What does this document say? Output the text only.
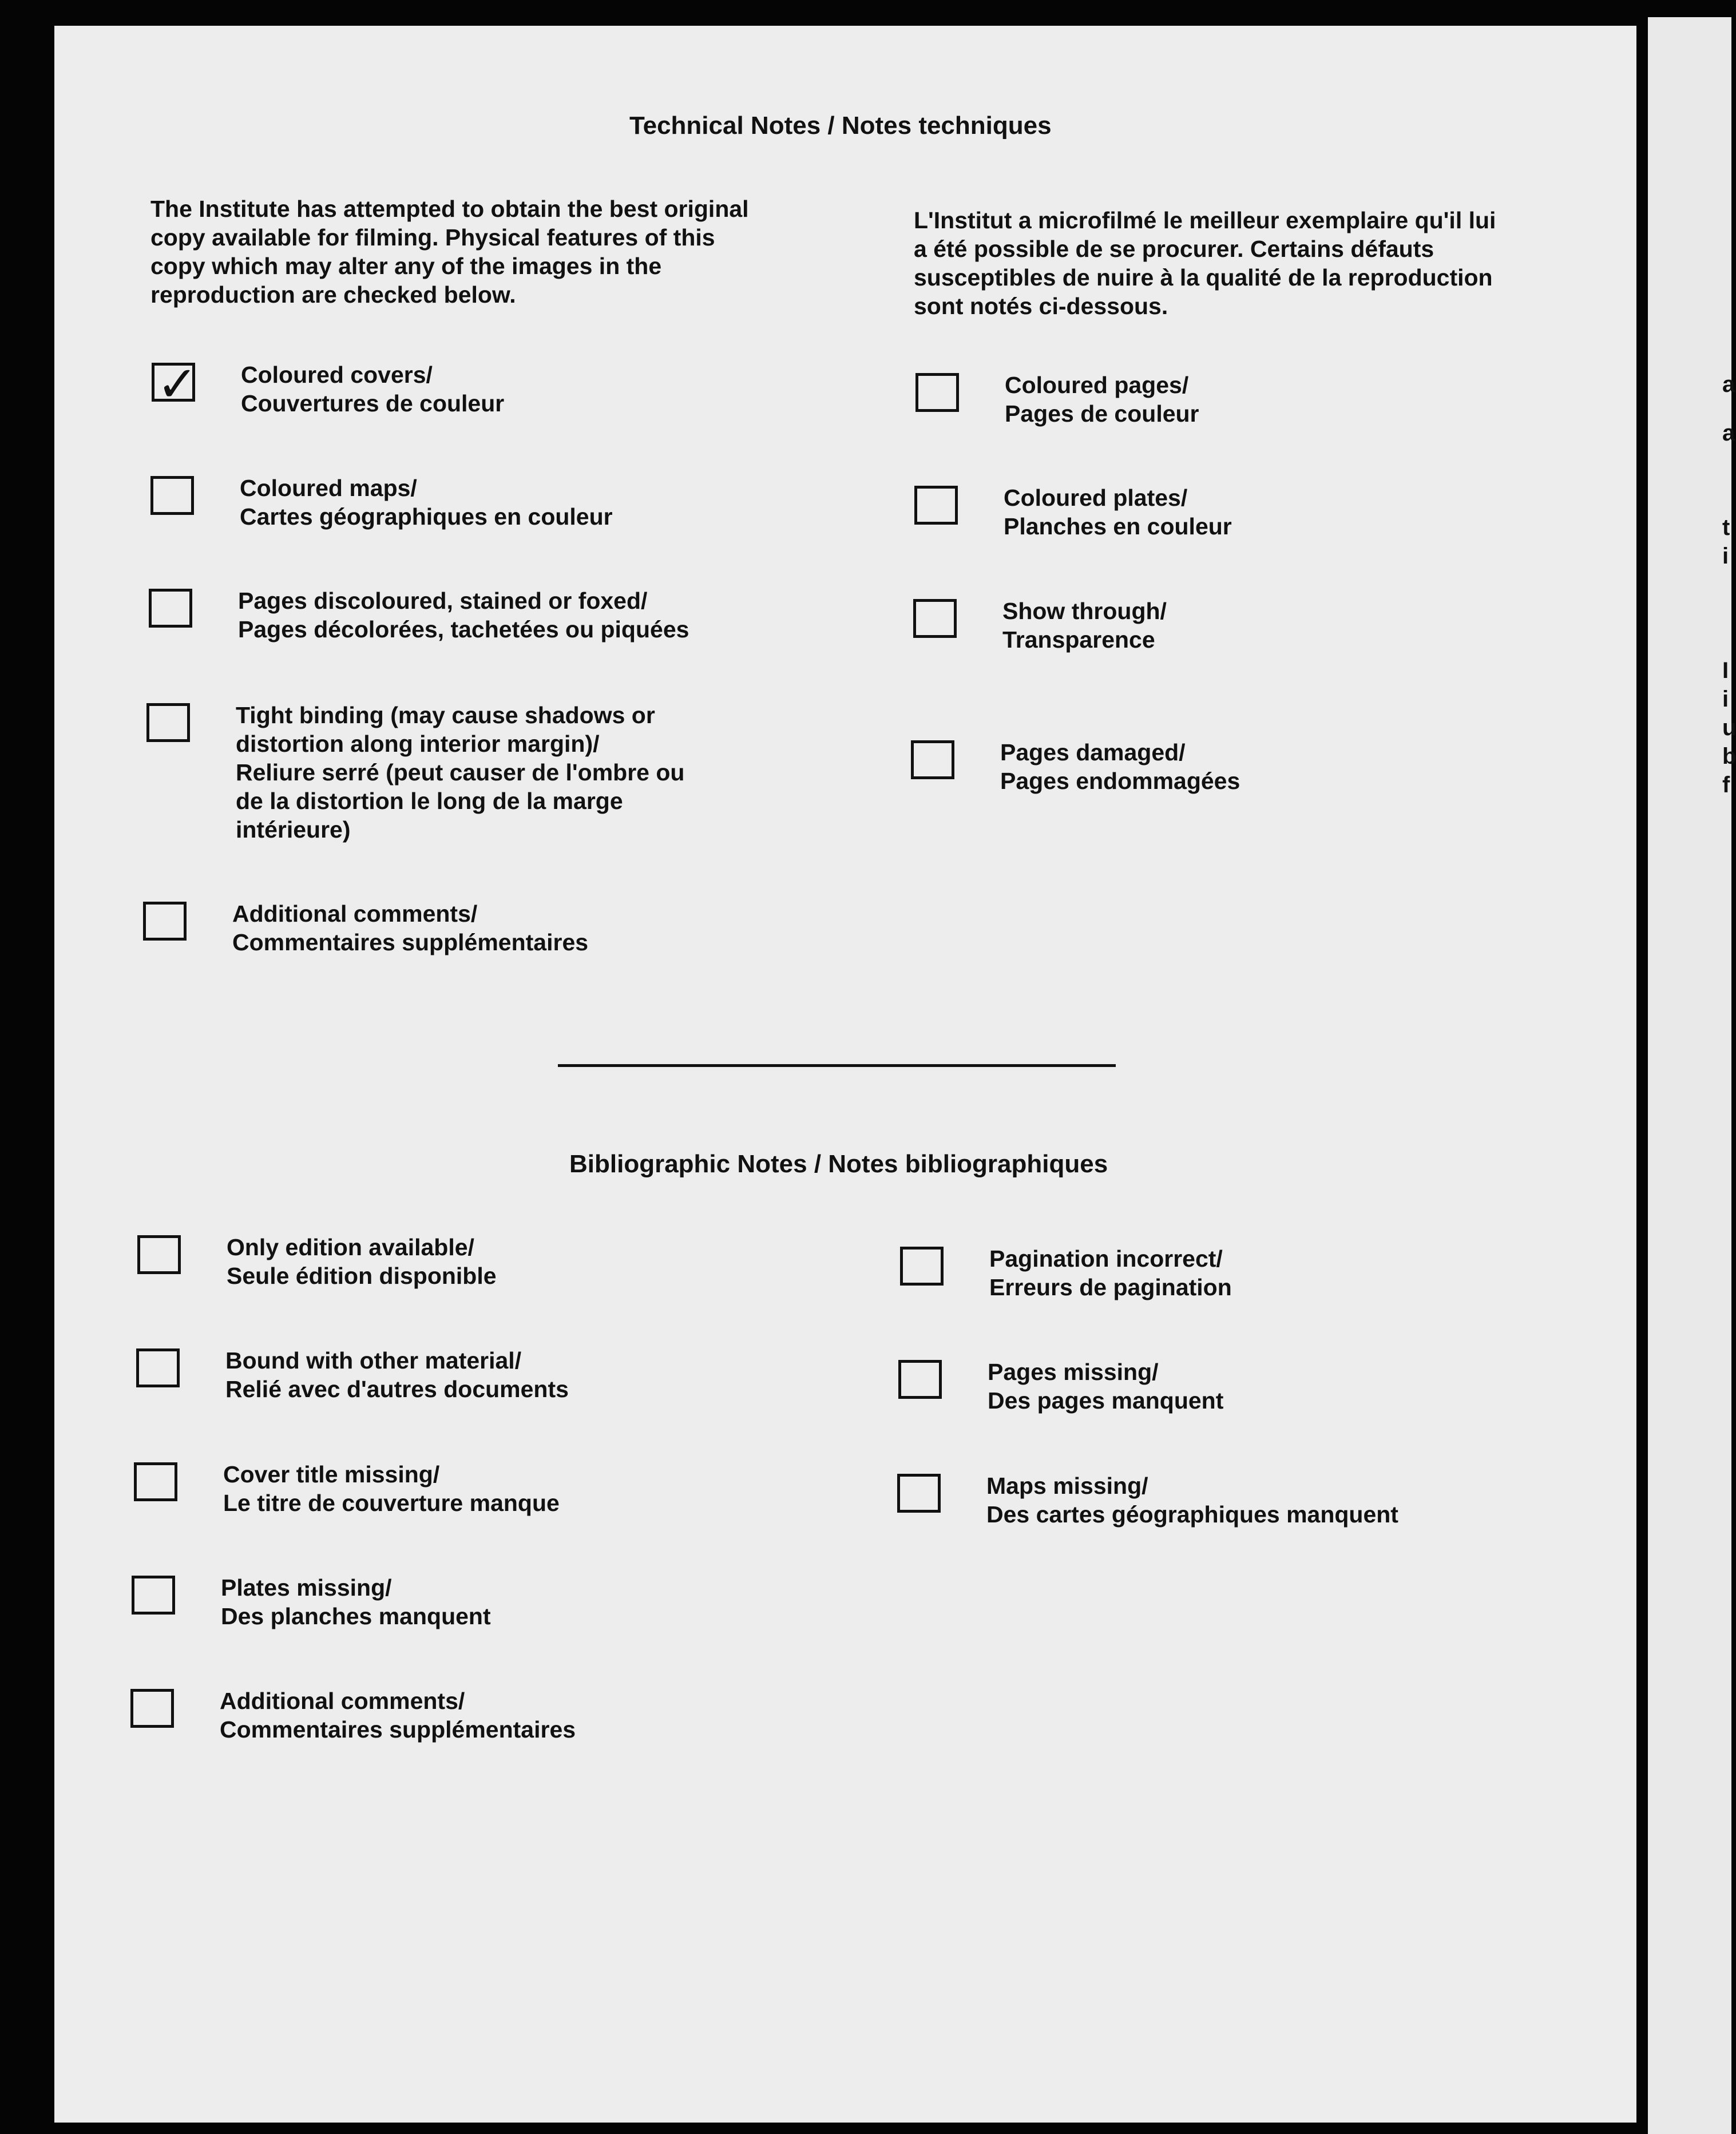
a
a
t
i
I
i
u
b
f
Technical Notes / Notes techniques
The Institute has attempted to obtain the best original copy available for filming. Physical features of this copy which may alter any of the images in the reproduction are checked below.
L'Institut a microfilmé le meilleur exemplaire qu'il lui a été possible de se procurer. Certains défauts susceptibles de nuire à la qualité de la reproduction sont notés ci-dessous.
✓ Coloured covers/
Couvertures de couleur
Coloured maps/
Cartes géographiques en couleur
Pages discoloured, stained or foxed/
Pages décolorées, tachetées ou piquées
Tight binding (may cause shadows or
distortion along interior margin)/
Reliure serré (peut causer de l'ombre ou
de la distortion le long de la marge
intérieure)
Additional comments/
Commentaires supplémentaires
Coloured pages/
Pages de couleur
Coloured plates/
Planches en couleur
Show through/
Transparence
Pages damaged/
Pages endommagées
Bibliographic Notes / Notes bibliographiques
Only edition available/
Seule édition disponible
Bound with other material/
Relié avec d'autres documents
Cover title missing/
Le titre de couverture manque
Plates missing/
Des planches manquent
Additional comments/
Commentaires supplémentaires
Pagination incorrect/
Erreurs de pagination
Pages missing/
Des pages manquent
Maps missing/
Des cartes géographiques manquent
